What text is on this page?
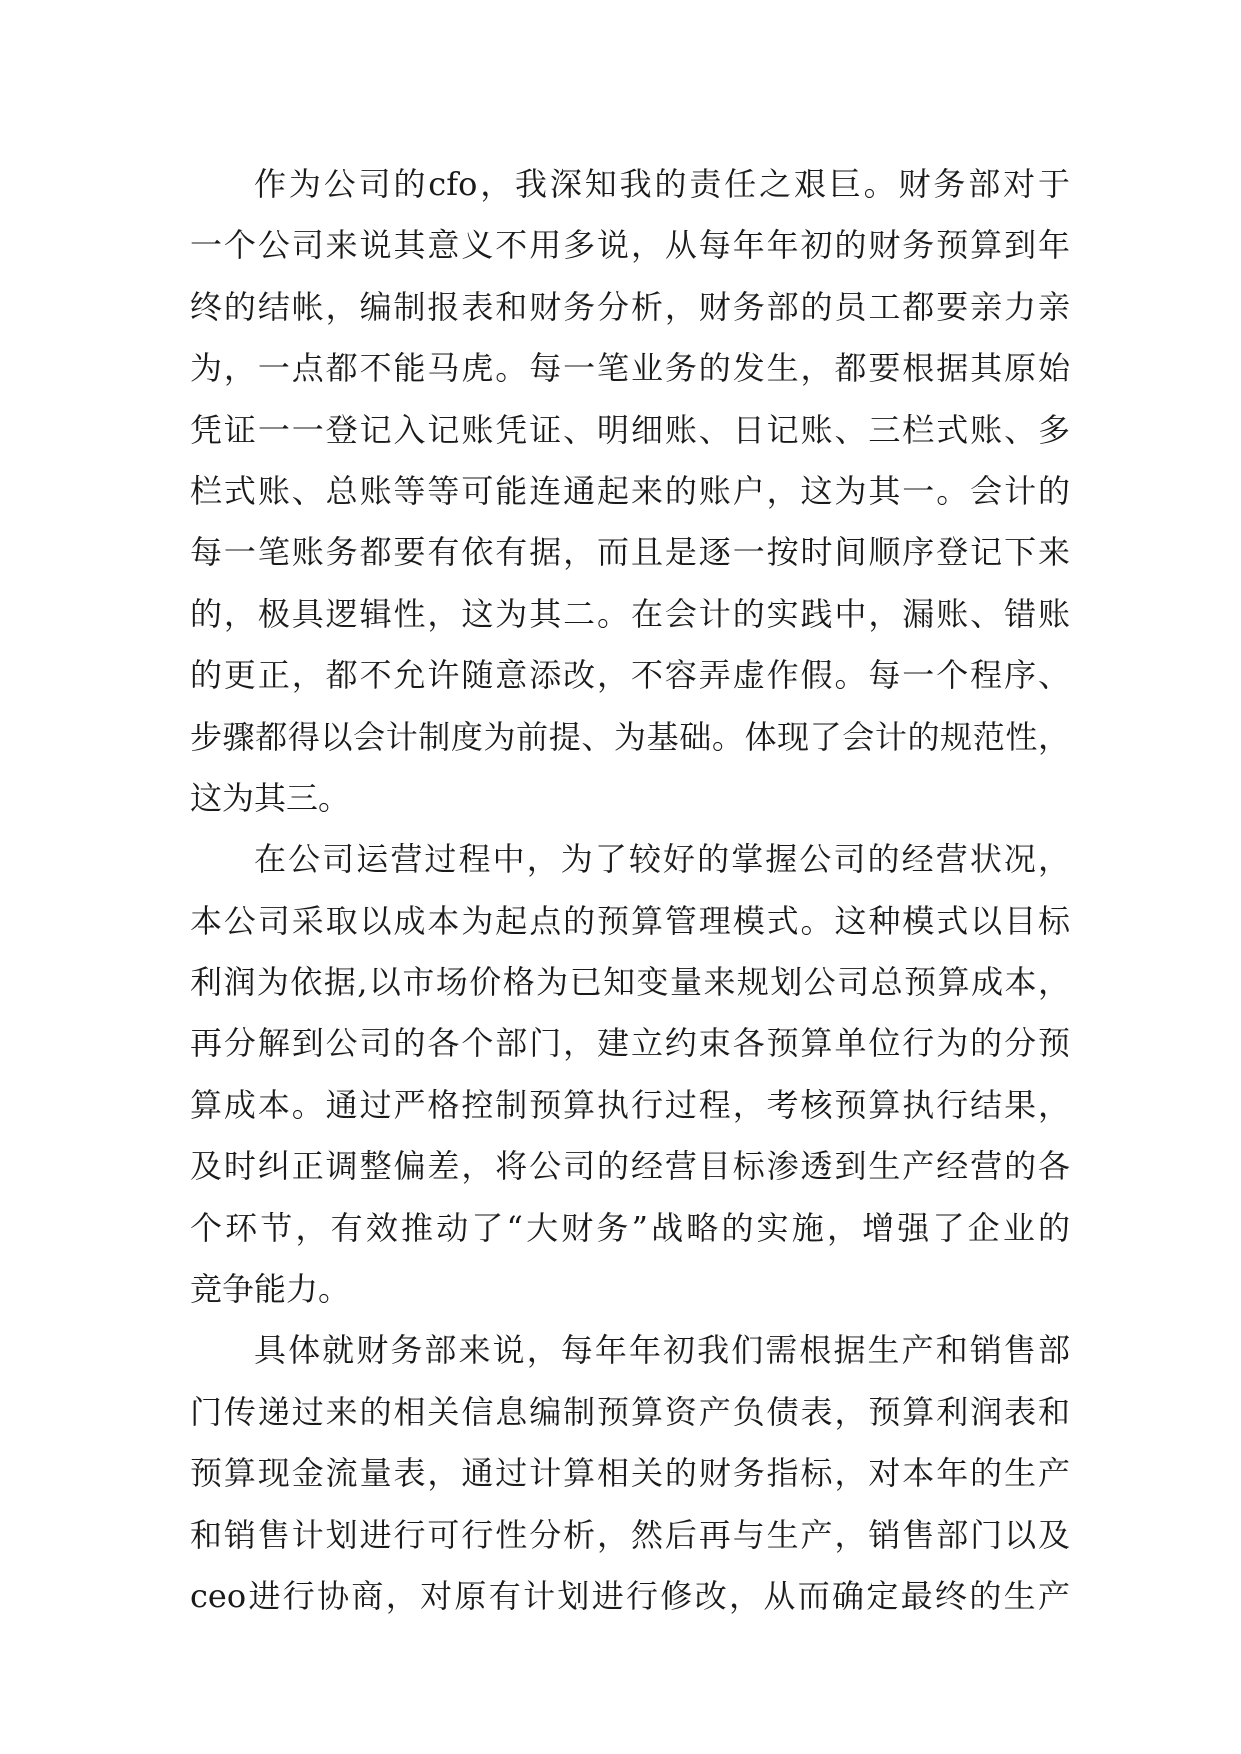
作为公司的cfo，我深知我的责任之艰巨。财务部对于
一个公司来说其意义不用多说，从每年年初的财务预算到年
终的结帐，编制报表和财务分析，财务部的员工都要亲力亲
为，一点都不能马虎。每一笔业务的发生，都要根据其原始
凭证一一登记入记账凭证、明细账、日记账、三栏式账、多
栏式账、总账等等可能连通起来的账户，这为其一。会计的
每一笔账务都要有依有据，而且是逐一按时间顺序登记下来
的，极具逻辑性，这为其二。在会计的实践中，漏账、错账
的更正，都不允许随意添改，不容弄虚作假。每一个程序、
步骤都得以会计制度为前提、为基础。体现了会计的规范性，
这为其三。
在公司运营过程中，为了较好的掌握公司的经营状况，
本公司采取以成本为起点的预算管理模式。这种模式以目标
利润为依据,以市场价格为已知变量来规划公司总预算成本，
再分解到公司的各个部门，建立约束各预算单位行为的分预
算成本。通过严格控制预算执行过程，考核预算执行结果，
及时纠正调整偏差，将公司的经营目标渗透到生产经营的各
个环节，有效推动了“大财务”战略的实施，增强了企业的
竞争能力。
具体就财务部来说，每年年初我们需根据生产和销售部
门传递过来的相关信息编制预算资产负债表，预算利润表和
预算现金流量表，通过计算相关的财务指标，对本年的生产
和销售计划进行可行性分析，然后再与生产，销售部门以及
ceo进行协商，对原有计划进行修改，从而确定最终的生产
